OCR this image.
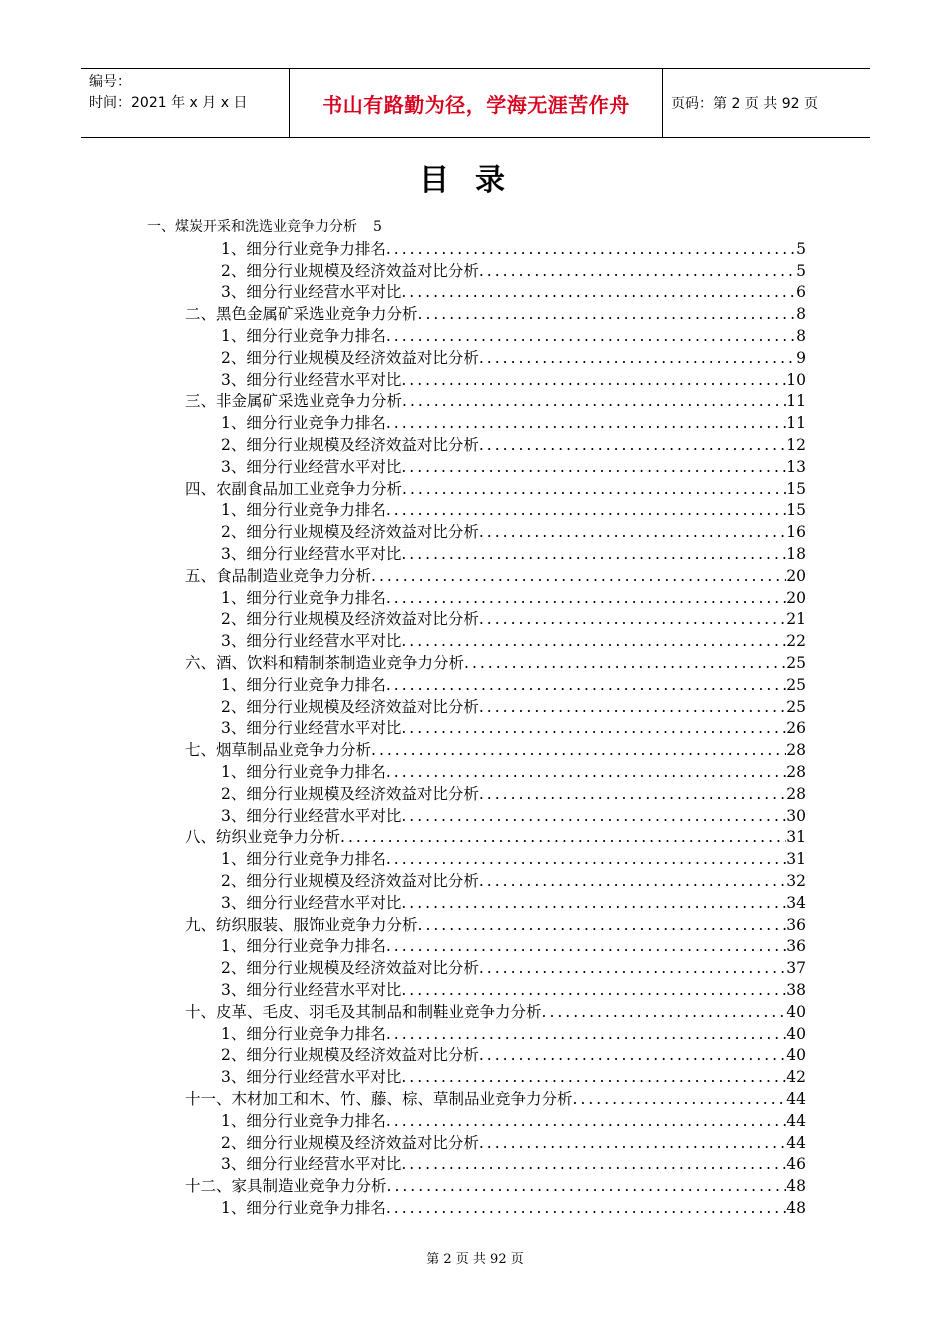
编号：
时间：2021 年 x 月 x 日	书山有路勤为径，学海无涯苦作舟	页码：第 2 页 共 92 页
目录
一、煤炭开采和洗选业竞争力分析 5
1、细分行业竞争力排名 .....	5
2、细分行业规模及经济效益对比分析 .....	5
3、细分行业经营水平对比 .....	6
二、黑色金属矿采选业竞争力分析 .....	8
1、细分行业竞争力排名 .....	8
2、细分行业规模及经济效益对比分析 .....	9
3、细分行业经营水平对比 .....	10
三、非金属矿采选业竞争力分析 .....	11
1、细分行业竞争力排名 .....	11
2、细分行业规模及经济效益对比分析 .....	12
3、细分行业经营水平对比 .....	13
四、农副食品加工业竞争力分析 .....	15
1、细分行业竞争力排名 .....	15
2、细分行业规模及经济效益对比分析 .....	16
3、细分行业经营水平对比 .....	18
五、食品制造业竞争力分析 .....	20
1、细分行业竞争力排名 .....	20
2、细分行业规模及经济效益对比分析 .....	21
3、细分行业经营水平对比 .....	22
六、酒、饮料和精制茶制造业竞争力分析 .....	25
1、细分行业竞争力排名 .....	25
2、细分行业规模及经济效益对比分析 .....	25
3、细分行业经营水平对比 .....	26
七、烟草制品业竞争力分析 .....	28
1、细分行业竞争力排名 .....	28
2、细分行业规模及经济效益对比分析 .....	28
3、细分行业经营水平对比 .....	30
八、纺织业竞争力分析 .....	31
1、细分行业竞争力排名 .....	31
2、细分行业规模及经济效益对比分析 .....	32
3、细分行业经营水平对比 .....	34
九、纺织服装、服饰业竞争力分析 .....	36
1、细分行业竞争力排名 .....	36
2、细分行业规模及经济效益对比分析 .....	37
3、细分行业经营水平对比 .....	38
十、皮革、毛皮、羽毛及其制品和制鞋业竞争力分析 .....	40
1、细分行业竞争力排名 .....	40
2、细分行业规模及经济效益对比分析 .....	40
3、细分行业经营水平对比 .....	42
十一、木材加工和木、竹、藤、棕、草制品业竞争力分析 .....	44
1、细分行业竞争力排名 .....	44
2、细分行业规模及经济效益对比分析 .....	44
3、细分行业经营水平对比 .....	46
十二、家具制造业竞争力分析 .....	48
1、细分行业竞争力排名 .....	48
第 2 页 共 92 页
